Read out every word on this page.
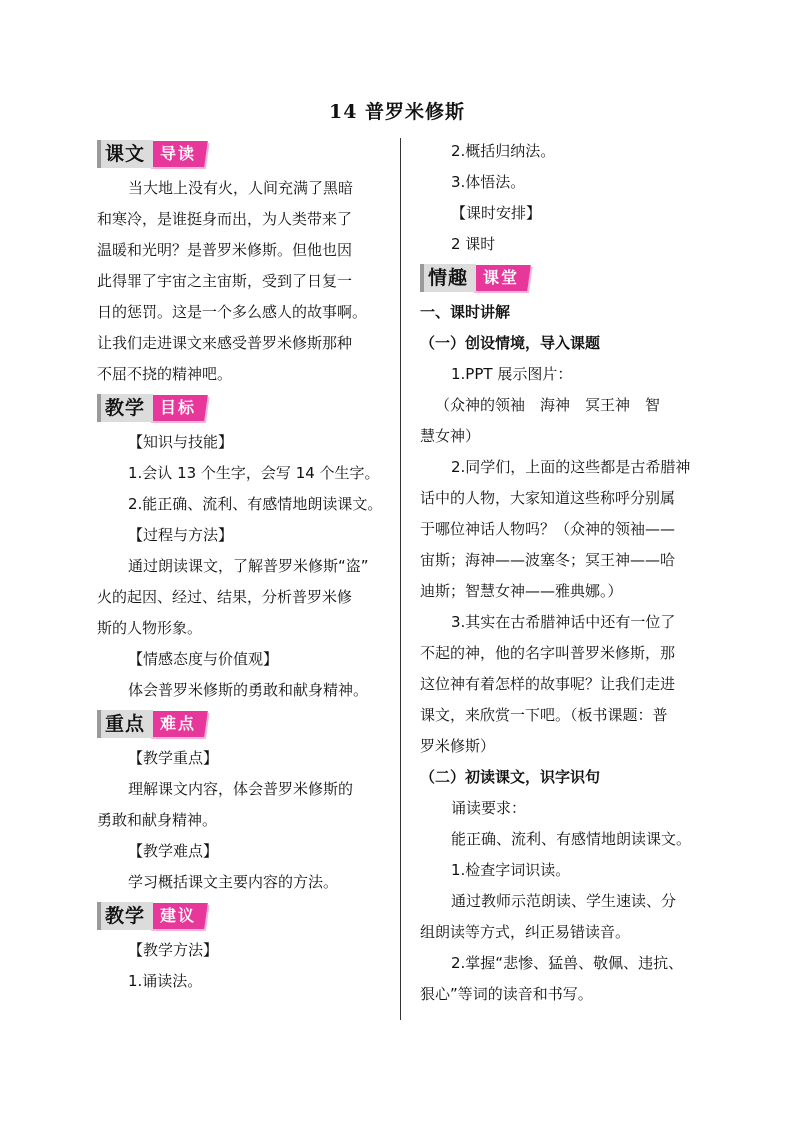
14 普罗米修斯
课文 导读
当大地上没有火，人间充满了黑暗
和寒冷，是谁挺身而出，为人类带来了
温暖和光明？是普罗米修斯。但他也因
此得罪了宇宙之主宙斯，受到了日复一
日的惩罚。这是一个多么感人的故事啊。
让我们走进课文来感受普罗米修斯那种
不屈不挠的精神吧。
教学 目标
【知识与技能】
1.会认 13 个生字，会写 14 个生字。
2.能正确、流利、有感情地朗读课文。
【过程与方法】
通过朗读课文，了解普罗米修斯“盗”
火的起因、经过、结果，分析普罗米修
斯的人物形象。
【情感态度与价值观】
体会普罗米修斯的勇敢和献身精神。
重点 难点
【教学重点】
理解课文内容，体会普罗米修斯的
勇敢和献身精神。
【教学难点】
学习概括课文主要内容的方法。
教学 建议
【教学方法】
1.诵读法。
2.概括归纳法。
3.体悟法。
【课时安排】
2 课时
情趣 课堂
一、课时讲解
（一）创设情境，导入课题
1.PPT 展示图片：
（众神的领袖　海神　冥王神　智
慧女神）
2.同学们，上面的这些都是古希腊神
话中的人物，大家知道这些称呼分别属
于哪位神话人物吗？（众神的领袖——
宙斯；海神——波塞冬；冥王神——哈
迪斯；智慧女神——雅典娜。）
3.其实在古希腊神话中还有一位了
不起的神，他的名字叫普罗米修斯，那
这位神有着怎样的故事呢？让我们走进
课文，来欣赏一下吧。（板书课题：普
罗米修斯）
（二）初读课文，识字识句
诵读要求：
能正确、流利、有感情地朗读课文。
1.检查字词识读。
通过教师示范朗读、学生速读、分
组朗读等方式，纠正易错读音。
2.掌握“悲惨、猛兽、敬佩、违抗、
狠心”等词的读音和书写。
